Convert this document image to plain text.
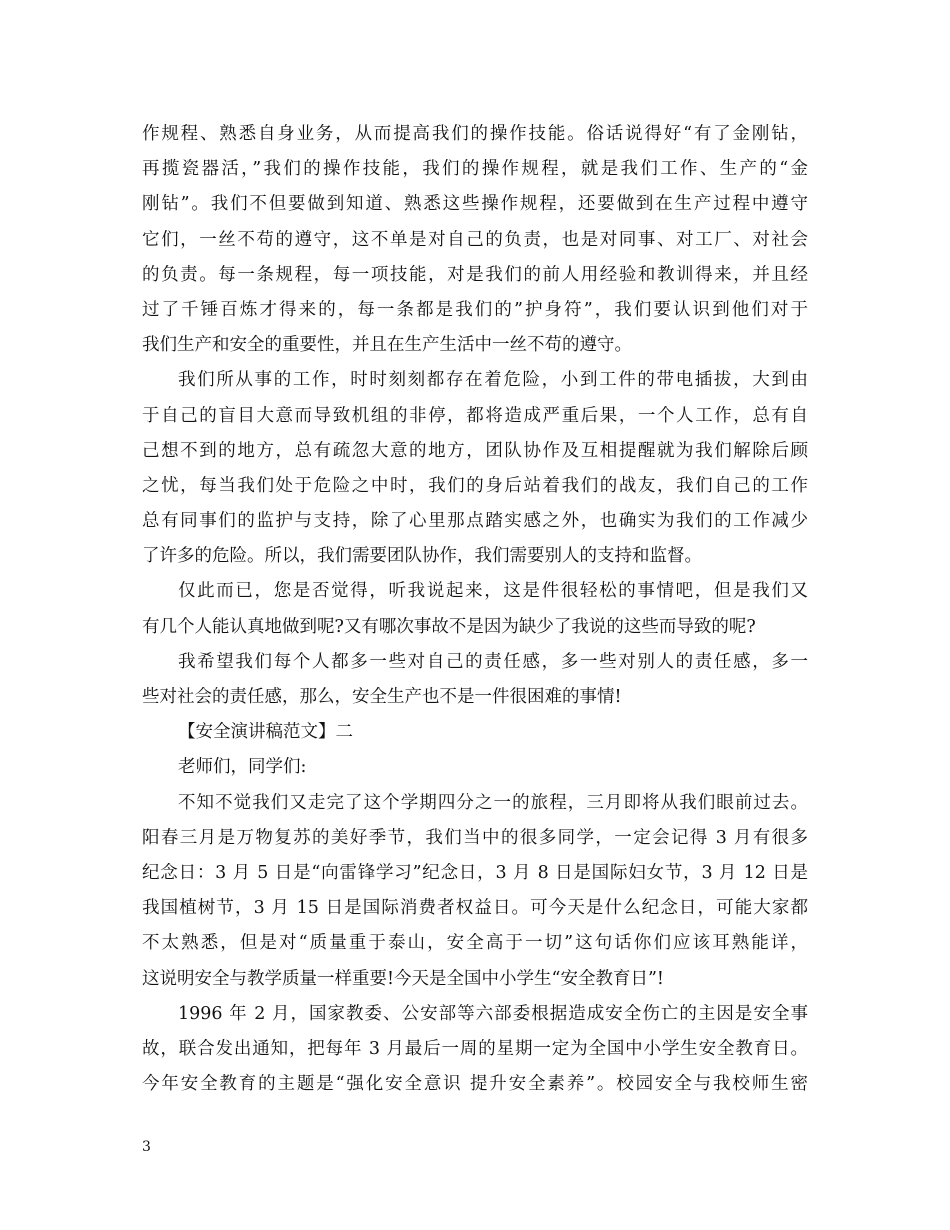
作规程、熟悉自身业务，从而提高我们的操作技能。俗话说得好“有了金刚钻，
再揽瓷器活，”我们的操作技能，我们的操作规程，就是我们工作、生产的“金
刚钻”。我们不但要做到知道、熟悉这些操作规程，还要做到在生产过程中遵守
它们，一丝不苟的遵守，这不单是对自己的负责，也是对同事、对工厂、对社会
的负责。每一条规程，每一项技能，对是我们的前人用经验和教训得来，并且经
过了千锤百炼才得来的，每一条都是我们的”护身符”，我们要认识到他们对于
我们生产和安全的重要性，并且在生产生活中一丝不苟的遵守。
我们所从事的工作，时时刻刻都存在着危险，小到工件的带电插拔，大到由
于自己的盲目大意而导致机组的非停，都将造成严重后果，一个人工作，总有自
己想不到的地方，总有疏忽大意的地方，团队协作及互相提醒就为我们解除后顾
之忧，每当我们处于危险之中时，我们的身后站着我们的战友，我们自己的工作
总有同事们的监护与支持，除了心里那点踏实感之外，也确实为我们的工作减少
了许多的危险。所以，我们需要团队协作，我们需要别人的支持和监督。
仅此而已，您是否觉得，听我说起来，这是件很轻松的事情吧，但是我们又
有几个人能认真地做到呢?又有哪次事故不是因为缺少了我说的这些而导致的呢?
我希望我们每个人都多一些对自己的责任感，多一些对别人的责任感，多一
些对社会的责任感，那么，安全生产也不是一件很困难的事情!
【安全演讲稿范文】二
老师们，同学们:
不知不觉我们又走完了这个学期四分之一的旅程，三月即将从我们眼前过去。
阳春三月是万物复苏的美好季节，我们当中的很多同学，一定会记得 3 月有很多
纪念日：3 月 5 日是“向雷锋学习”纪念日，3 月 8 日是国际妇女节，3 月 12 日是
我国植树节，3 月 15 日是国际消费者权益日。可今天是什么纪念日，可能大家都
不太熟悉，但是对“质量重于泰山，安全高于一切”这句话你们应该耳熟能详，
这说明安全与教学质量一样重要!今天是全国中小学生“安全教育日”!
1996 年 2 月，国家教委、公安部等六部委根据造成安全伤亡的主因是安全事
故，联合发出通知，把每年 3 月最后一周的星期一定为全国中小学生安全教育日。
今年安全教育的主题是“强化安全意识 提升安全素养”。校园安全与我校师生密
3
